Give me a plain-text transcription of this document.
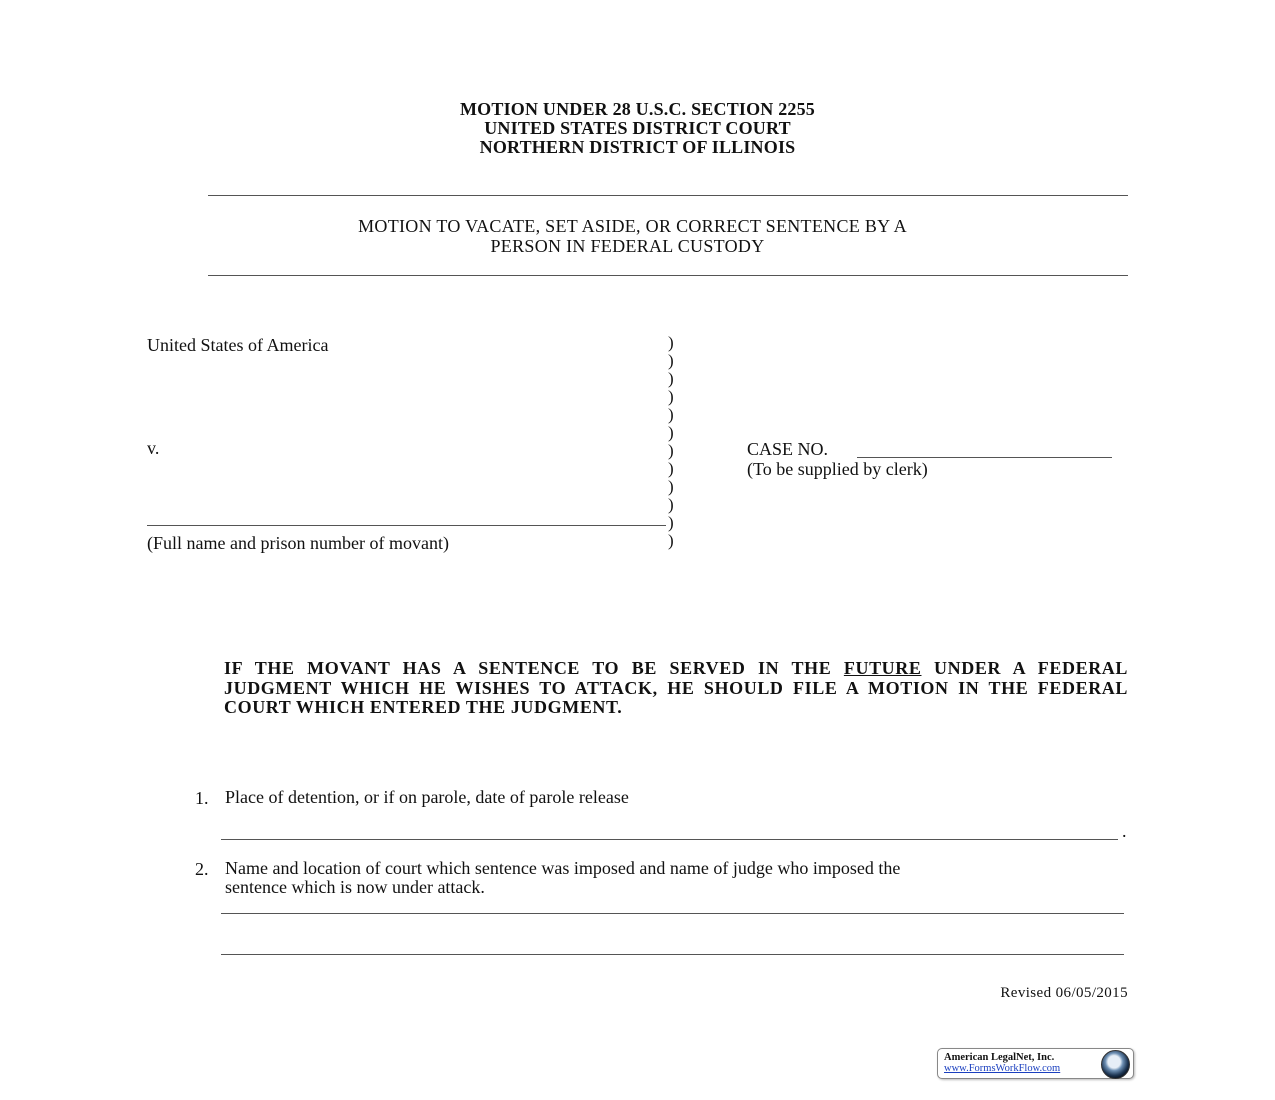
MOTION UNDER 28 U.S.C. SECTION 2255
UNITED STATES DISTRICT COURT
NORTHERN DISTRICT OF ILLINOIS
MOTION TO VACATE, SET ASIDE, OR CORRECT SENTENCE BY A
PERSON IN FEDERAL CUSTODY
United States of America
v.
(Full name and prison number of movant)
)
)
)
)
)
)
)
)
)
)
)
)
CASE NO.
(To be supplied by clerk)
IF THE MOVANT HAS A SENTENCE TO BE SERVED IN THE FUTURE UNDER A FEDERAL JUDGMENT WHICH HE WISHES TO ATTACK, HE SHOULD FILE A MOTION IN THE FEDERAL COURT WHICH ENTERED THE JUDGMENT.
1. Place of detention, or if on parole, date of parole release
.
2. Name and location of court which sentence was imposed and name of judge who imposed the
sentence which is now under attack.
Revised 06/05/2015
American LegalNet, Inc.
www.FormsWorkFlow.com
